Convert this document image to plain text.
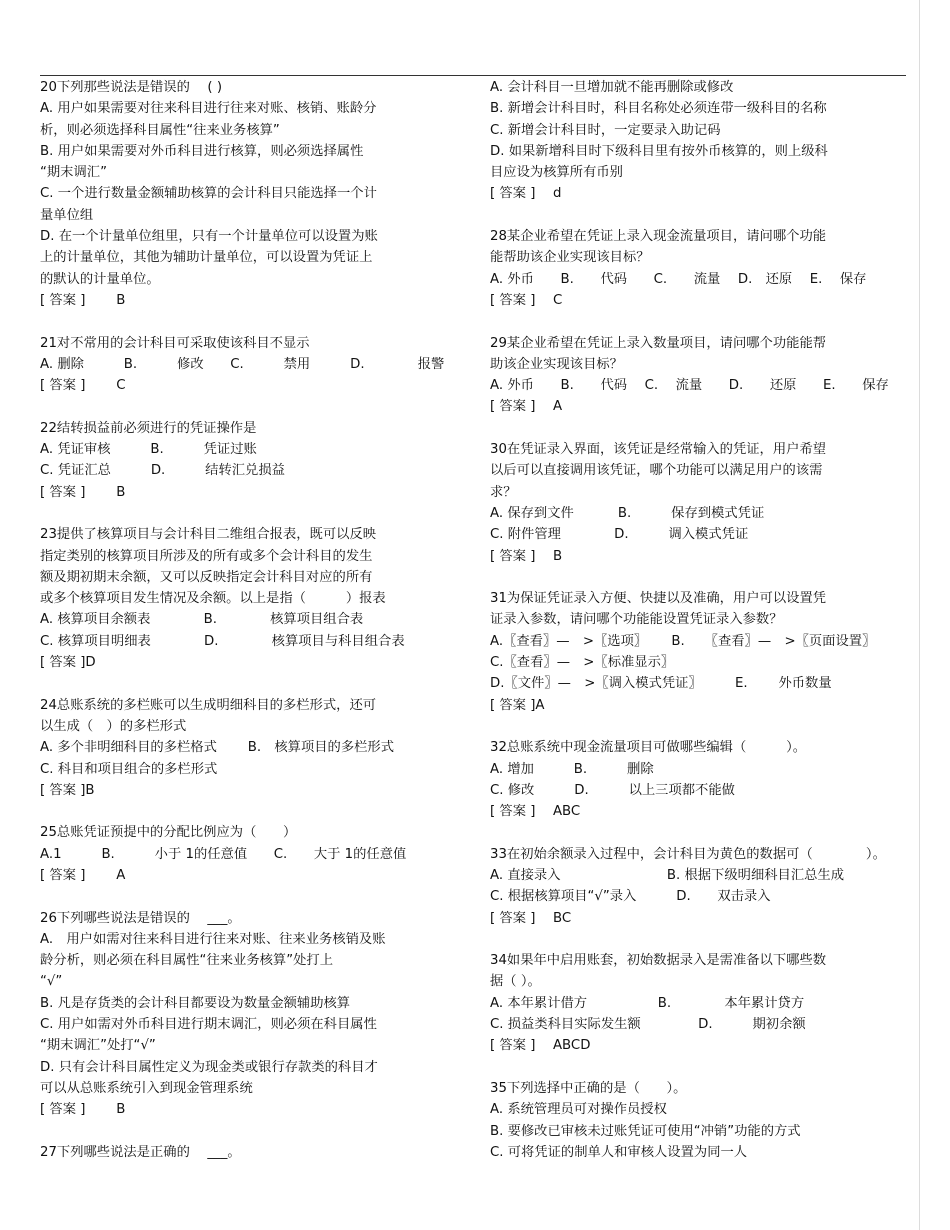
20下列那些说法是错误的　 ( )
A. 用户如果需要对往来科目进行往来对账、核销、账龄分
析，则必须选择科目属性“往来业务核算”
B. 用户如果需要对外币科目进行核算，则必须选择属性
“期末调汇”
C. 一个进行数量金额辅助核算的会计科目只能选择一个计
量单位组
D. 在一个计量单位组里，只有一个计量单位可以设置为账
上的计量单位，其他为辅助计量单位，可以设置为凭证上
的默认的计量单位。
[ 答案 ]　　 B
21对不常用的会计科目可采取使该科目不显示
A. 删除　　　B.　　　修改　　C.　　　禁用　　　D.　　　　报警
[ 答案 ]　　 C
22结转损益前必须进行的凭证操作是
A. 凭证审核　　　B.　　　凭证过账
C. 凭证汇总　　　D.　　　结转汇兑损益
[ 答案 ]　　 B
23提供了核算项目与会计科目二维组合报表，既可以反映
指定类别的核算项目所涉及的所有或多个会计科目的发生
额及期初期末余额，又可以反映指定会计科目对应的所有
或多个核算项目发生情况及余额。以上是指（　　　）报表
A. 核算项目余额表　　　　B.　　　　核算项目组合表
C. 核算项目明细表　　　　D.　　　　核算项目与科目组合表
[ 答案 ]D
24总账系统的多栏账可以生成明细科目的多栏形式，还可
以生成（　）的多栏形式
A. 多个非明细科目的多栏格式　　 B.　核算项目的多栏形式
C. 科目和项目组合的多栏形式
[ 答案 ]B
25总账凭证预提中的分配比例应为（　　）
A.1　　　B.　　　小于 1的任意值　　C.　　大于 1的任意值
[ 答案 ]　　 A
26下列哪些说法是错误的　 ___。
A.　用户如需对往来科目进行往来对账、往来业务核销及账
龄分析，则必须在科目属性“往来业务核算”处打上
“√”
B. 凡是存货类的会计科目都要设为数量金额辅助核算
C. 用户如需对外币科目进行期末调汇，则必须在科目属性
“期末调汇”处打“√”
D. 只有会计科目属性定义为现金类或银行存款类的科目才
可以从总账系统引入到现金管理系统
[ 答案 ]　　 B
27下列哪些说法是正确的　 ___。
A. 会计科目一旦增加就不能再删除或修改
B. 新增会计科目时，科目名称处必须连带一级科目的名称
C. 新增会计科目时，一定要录入助记码
D. 如果新增科目时下级科目里有按外币核算的，则上级科
目应设为核算所有币别
[ 答案 ]　 d
28某企业希望在凭证上录入现金流量项目，请问哪个功能
能帮助该企业实现该目标？
A. 外币　　B.　　代码　　C.　　流量　 D.　还原　 E.　 保存
[ 答案 ]　 C
29某企业希望在凭证上录入数量项目，请问哪个功能能帮
助该企业实现该目标？
A. 外币　　B.　　代码　 C.　 流量　　D.　　还原　　E.　　保存
[ 答案 ]　 A
30在凭证录入界面，该凭证是经常输入的凭证，用户希望
以后可以直接调用该凭证，哪个功能可以满足用户的该需
求？
A. 保存到文件　　　 B.　　　保存到模式凭证
C. 附件管理　　　　D.　　　调入模式凭证
[ 答案 ]　 B
31为保证凭证录入方便、快捷以及准确，用户可以设置凭
证录入参数，请问哪个功能能设置凭证录入参数？
A.〖查看〗—　>〖选项〗　　 B.　　〖查看〗—　>〖页面设置〗
C.〖查看〗—　>〖标准显示〗
D.〖文件〗—　>〖调入模式凭证〗　　　E.　　 外币数量
[ 答案 ]A
32总账系统中现金流量项目可做哪些编辑（　　　）。
A. 增加　　　B.　　　删除
C. 修改　　　D.　　　以上三项都不能做
[ 答案 ]　 ABC
33在初始余额录入过程中，会计科目为黄色的数据可（　　　　）。
A. 直接录入　　　　　　　　B. 根据下级明细科目汇总生成
C. 根据核算项目“√”录入　　　D.　　双击录入
[ 答案 ]　 BC
34如果年中启用账套，初始数据录入是需准备以下哪些数
据（ ）。
A. 本年累计借方　　　　　 B.　　　　本年累计贷方
C. 损益类科目实际发生额　　　　 D.　　　期初余额
[ 答案 ]　 ABCD
35下列选择中正确的是（　　）。
A. 系统管理员可对操作员授权
B. 要修改已审核未过账凭证可使用“冲销”功能的方式
C. 可将凭证的制单人和审核人设置为同一人
